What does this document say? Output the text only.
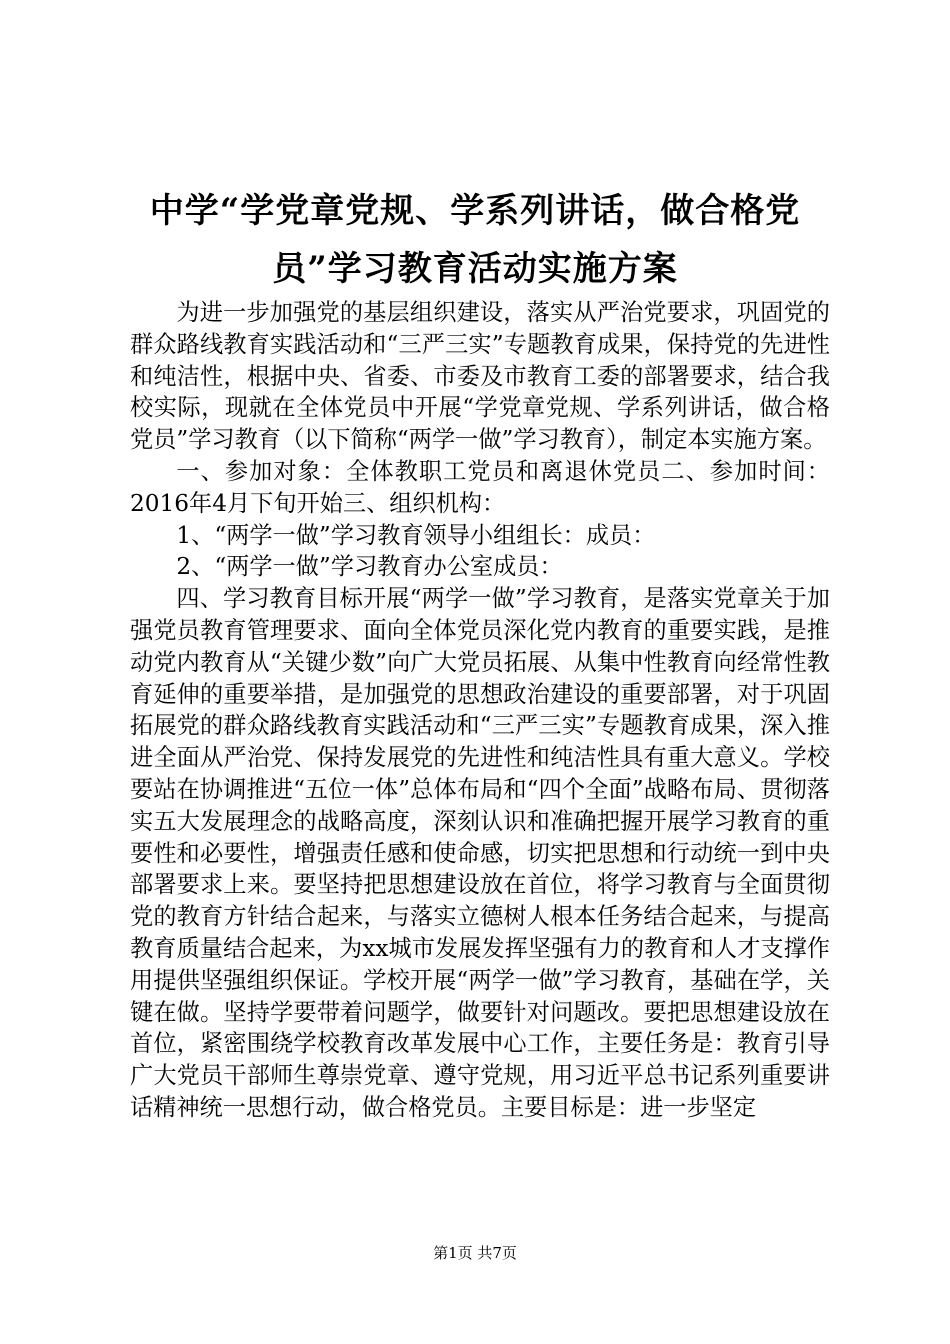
中学“学党章党规、学系列讲话，做合格党员”学习教育活动实施方案

为进一步加强党的基层组织建设，落实从严治党要求，巩固党的群众路线教育实践活动和“三严三实”专题教育成果，保持党的先进性和纯洁性，根据中央、省委、市委及市教育工委的部署要求，结合我校实际，现就在全体党员中开展“学党章党规、学系列讲话，做合格党员”学习教育（以下简称“两学一做”学习教育），制定本实施方案。

一、参加对象：全体教职工党员和离退休党员二、参加时间：2016年4月下旬开始三、组织机构：

1、“两学一做”学习教育领导小组组长：成员：

2、“两学一做”学习教育办公室成员：

四、学习教育目标开展“两学一做”学习教育，是落实党章关于加强党员教育管理要求、面向全体党员深化党内教育的重要实践，是推动党内教育从“关键少数”向广大党员拓展、从集中性教育向经常性教育延伸的重要举措，是加强党的思想政治建设的重要部署，对于巩固拓展党的群众路线教育实践活动和“三严三实”专题教育成果，深入推进全面从严治党、保持发展党的先进性和纯洁性具有重大意义。学校要站在协调推进“五位一体”总体布局和“四个全面”战略布局、贯彻落实五大发展理念的战略高度，深刻认识和准确把握开展学习教育的重要性和必要性，增强责任感和使命感，切实把思想和行动统一到中央部署要求上来。要坚持把思想建设放在首位，将学习教育与全面贯彻党的教育方针结合起来，与落实立德树人根本任务结合起来，与提高教育质量结合起来，为xx城市发展发挥坚强有力的教育和人才支撑作用提供坚强组织保证。学校开展“两学一做”学习教育，基础在学，关键在做。坚持学要带着问题学，做要针对问题改。要把思想建设放在首位，紧密围绕学校教育改革发展中心工作，主要任务是：教育引导广大党员干部师生尊崇党章、遵守党规，用习近平总书记系列重要讲话精神统一思想行动，做合格党员。主要目标是：进一步坚定

第1页 共7页
